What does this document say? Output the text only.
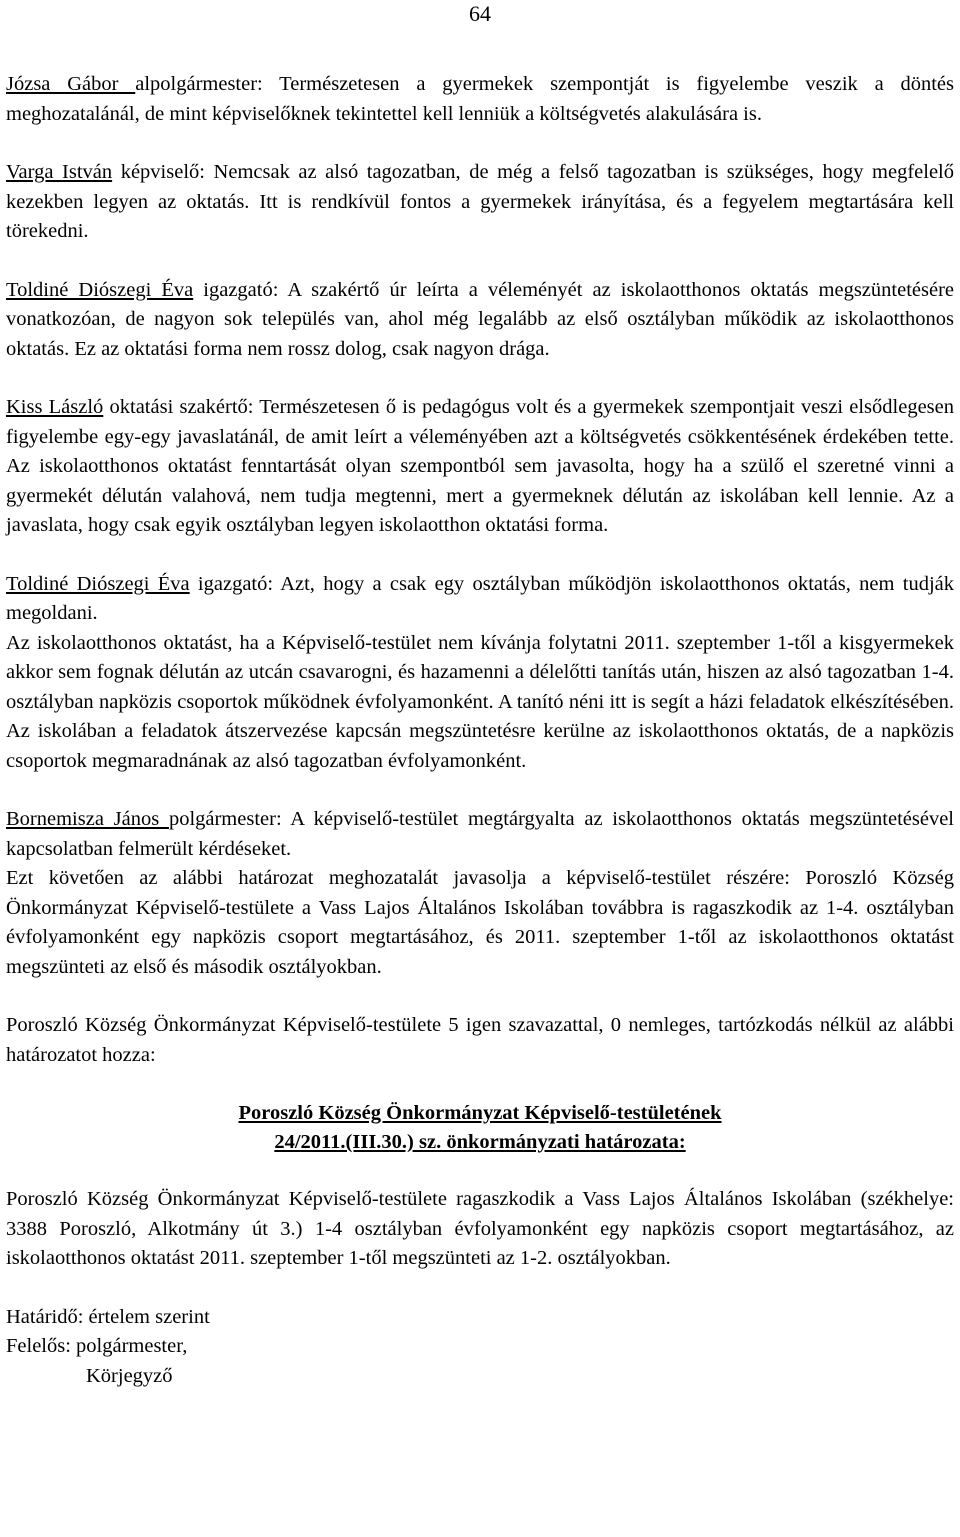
64

Józsa Gábor alpolgármester: Természetesen a gyermekek szempontját is figyelembe veszik a döntés meghozatalánál, de mint képviselőknek tekintettel kell lenniük a költségvetés alakulására is.

Varga István képviselő: Nemcsak az alsó tagozatban, de még a felső tagozatban is szükséges, hogy megfelelő kezekben legyen az oktatás. Itt is rendkívül fontos a gyermekek irányítása, és a fegyelem megtartására kell törekedni.

Toldiné Diószegi Éva igazgató: A szakértő úr leírta a véleményét az iskolaotthonos oktatás megszüntetésére vonatkozóan, de nagyon sok település van, ahol még legalább az első osztályban működik az iskolaotthonos oktatás. Ez az oktatási forma nem rossz dolog, csak nagyon drága.

Kiss László oktatási szakértő: Természetesen ő is pedagógus volt és a gyermekek szempontjait veszi elsődlegesen figyelembe egy-egy javaslatánál, de amit leírt a véleményében azt a költségvetés csökkentésének érdekében tette. Az iskolaotthonos oktatást fenntartását olyan szempontból sem javasolta, hogy ha a szülő el szeretné vinni a gyermekét délután valahová, nem tudja megtenni, mert a gyermeknek délután az iskolában kell lennie. Az a javaslata, hogy csak egyik osztályban legyen iskolaotthon oktatási forma.

Toldiné Diószegi Éva igazgató: Azt, hogy a csak egy osztályban működjön iskolaotthonos oktatás, nem tudják megoldani.

Az iskolaotthonos oktatást, ha a Képviselő-testület nem kívánja folytatni 2011. szeptember 1-től a kisgyermekek akkor sem fognak délután az utcán csavarogni, és hazamenni a délelőtti tanítás után, hiszen az alsó tagozatban 1-4. osztályban napközis csoportok működnek évfolyamonként. A tanító néni itt is segít a házi feladatok elkészítésében. Az iskolában a feladatok átszervezése kapcsán megszüntetésre kerülne az iskolaotthonos oktatás, de a napközis csoportok megmaradnának az alsó tagozatban évfolyamonként.

Bornemisza János polgármester: A képviselő-testület megtárgyalta az iskolaotthonos oktatás megszüntetésével kapcsolatban felmerült kérdéseket.

Ezt követően az alábbi határozat meghozatalát javasolja a képviselő-testület részére: Poroszló Község Önkormányzat Képviselő-testülete a Vass Lajos Általános Iskolában továbbra is ragaszkodik az 1-4. osztályban évfolyamonként egy napközis csoport megtartásához, és 2011. szeptember 1-től az iskolaotthonos oktatást megszünteti az első és második osztályokban.

Poroszló Község Önkormányzat Képviselő-testülete 5 igen szavazattal, 0 nemleges, tartózkodás nélkül az alábbi határozatot hozza:

Poroszló Község Önkormányzat Képviselő-testületének
24/2011.(III.30.) sz. önkormányzati határozata:

Poroszló Község Önkormányzat Képviselő-testülete ragaszkodik a Vass Lajos Általános Iskolában (székhelye: 3388 Poroszló, Alkotmány út 3.) 1-4 osztályban évfolyamonként egy napközis csoport megtartásához, az iskolaotthonos oktatást 2011. szeptember 1-től megszünteti az 1-2. osztályokban.

Határidő: értelem szerint
Felelős: polgármester,
Körjegyző
